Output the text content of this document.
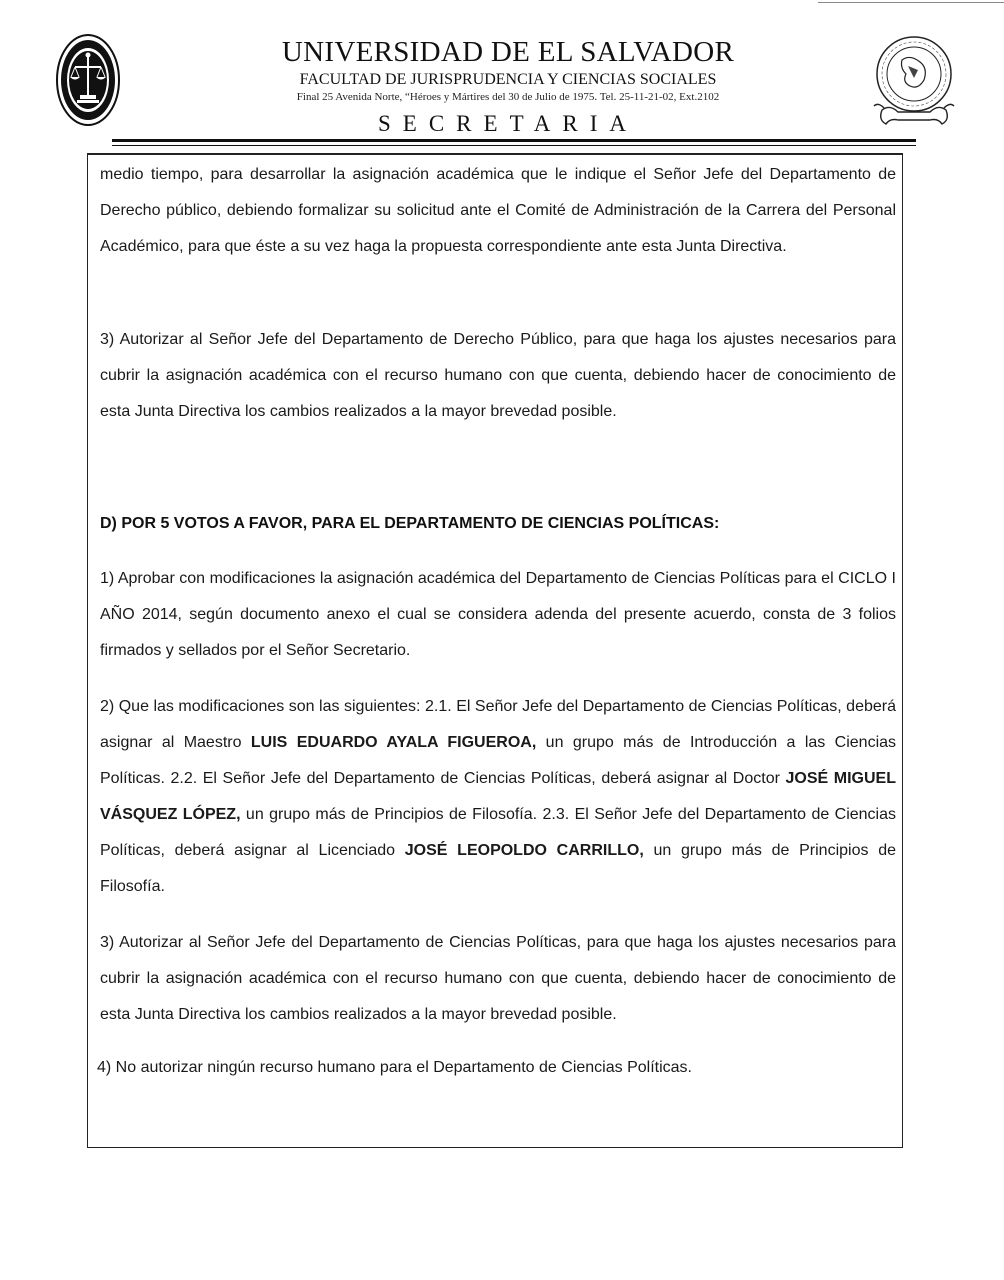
UNIVERSIDAD DE EL SALVADOR
FACULTAD DE JURISPRUDENCIA Y CIENCIAS SOCIALES
Final 25 Avenida Norte, “Héroes y Mártires del 30 de Julio de 1975. Tel. 25-11-21-02, Ext.2102
SECRETARIA

medio tiempo, para desarrollar la asignación académica que le indique el Señor Jefe del Departamento de Derecho público, debiendo formalizar su solicitud ante el Comité de Administración de la Carrera del Personal Académico, para que éste a su vez haga la propuesta correspondiente ante esta Junta Directiva.

3) Autorizar al Señor Jefe del Departamento de Derecho Público, para que haga los ajustes necesarios para cubrir la asignación académica con el recurso humano con que cuenta, debiendo hacer de conocimiento de esta Junta Directiva los cambios realizados a la mayor brevedad posible.

D) POR 5 VOTOS A FAVOR, PARA EL DEPARTAMENTO DE CIENCIAS POLÍTICAS:

1) Aprobar con modificaciones la asignación académica del Departamento de Ciencias Políticas para el CICLO I AÑO 2014, según documento anexo el cual se considera adenda del presente acuerdo, consta de 3 folios firmados y sellados por el Señor Secretario.

2) Que las modificaciones son las siguientes: 2.1. El Señor Jefe del Departamento de Ciencias Políticas, deberá asignar al Maestro LUIS EDUARDO AYALA FIGUEROA, un grupo más de Introducción a las Ciencias Políticas. 2.2. El Señor Jefe del Departamento de Ciencias Políticas, deberá asignar al Doctor JOSÉ MIGUEL VÁSQUEZ LÓPEZ, un grupo más de Principios de Filosofía. 2.3. El Señor Jefe del Departamento de Ciencias Políticas, deberá asignar al Licenciado JOSÉ LEOPOLDO CARRILLO, un grupo más de Principios de Filosofía.

3) Autorizar al Señor Jefe del Departamento de Ciencias Políticas, para que haga los ajustes necesarios para cubrir la asignación académica con el recurso humano con que cuenta, debiendo hacer de conocimiento de esta Junta Directiva los cambios realizados a la mayor brevedad posible.

4) No autorizar ningún recurso humano para el Departamento de Ciencias Políticas.
